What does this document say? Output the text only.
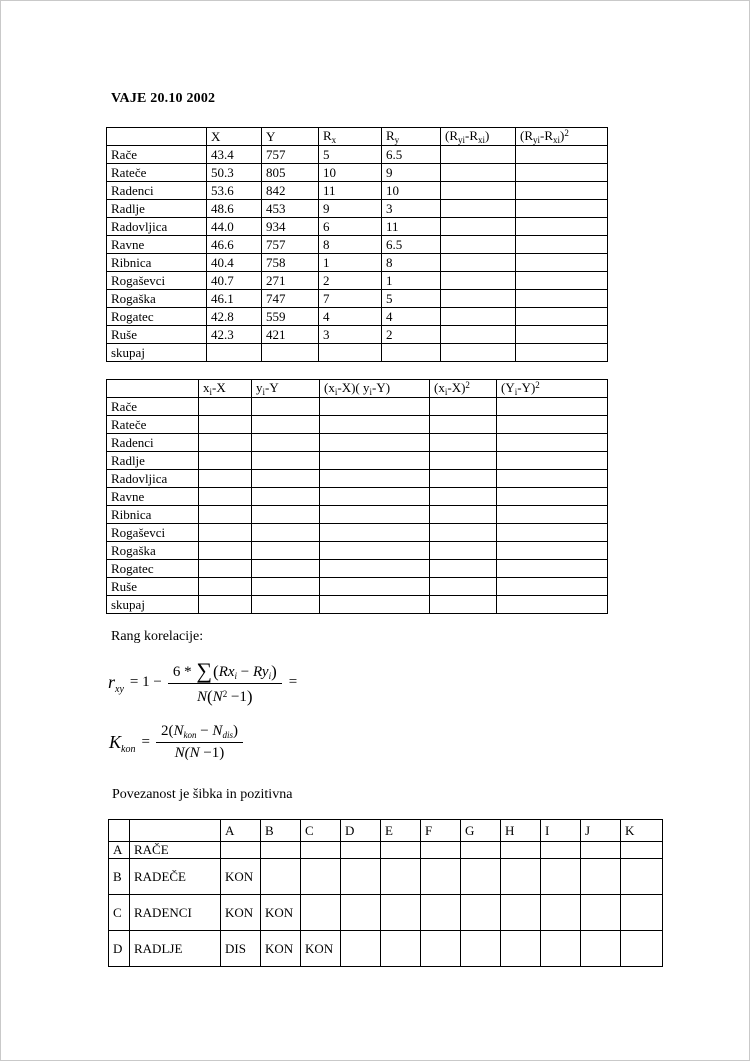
VAJE 20.10 2002
	X	Y	$R_x$	$R_y$	$(R_{yi}-R_{xi})$	$(R_{yi}-R_{xi})^2$
Rače	43.4	757	5	6.5		
Rateče	50.3	805	10	9		
Radenci	53.6	842	11	10		
Radlje	48.6	453	9	3		
Radovljica	44.0	934	6	11		
Ravne	46.6	757	8	6.5		
Ribnica	40.4	758	1	8		
Rogaševci	40.7	271	2	1		
Rogaška	46.1	747	7	5		
Rogatec	42.8	559	4	4		
Ruše	42.3	421	3	2		
skupaj						
	$x_i-X$	$y_i-Y$	$(x_i-X)$( $y_i-Y$)	$(x_i-X)^2$	$(Y_i-Y)^2$
Rače					
Rateče					
Radenci					
Radlje					
Radovljica					
Ravne					
Ribnica					
Rogaševci					
Rogaška					
Rogatec					
Ruše					
skupaj					
Rang korelacije:
$r_{xy} = 1 - \frac{6 * \sum(Rx_i - Ry_i)}{N(N^2 -1)}$ =
$K_{kon} = \frac{2(N_{kon} - N_{dis})}{N(N -1)}$
Povezanost je šibka in pozitivna
		A	B	C	D	E	F	G	H	I	J	K
A	RAČE											
B	RADEČE	KON										
C	RADENCI	KON	KON									
D	RADLJE	DIS	KON	KON								
